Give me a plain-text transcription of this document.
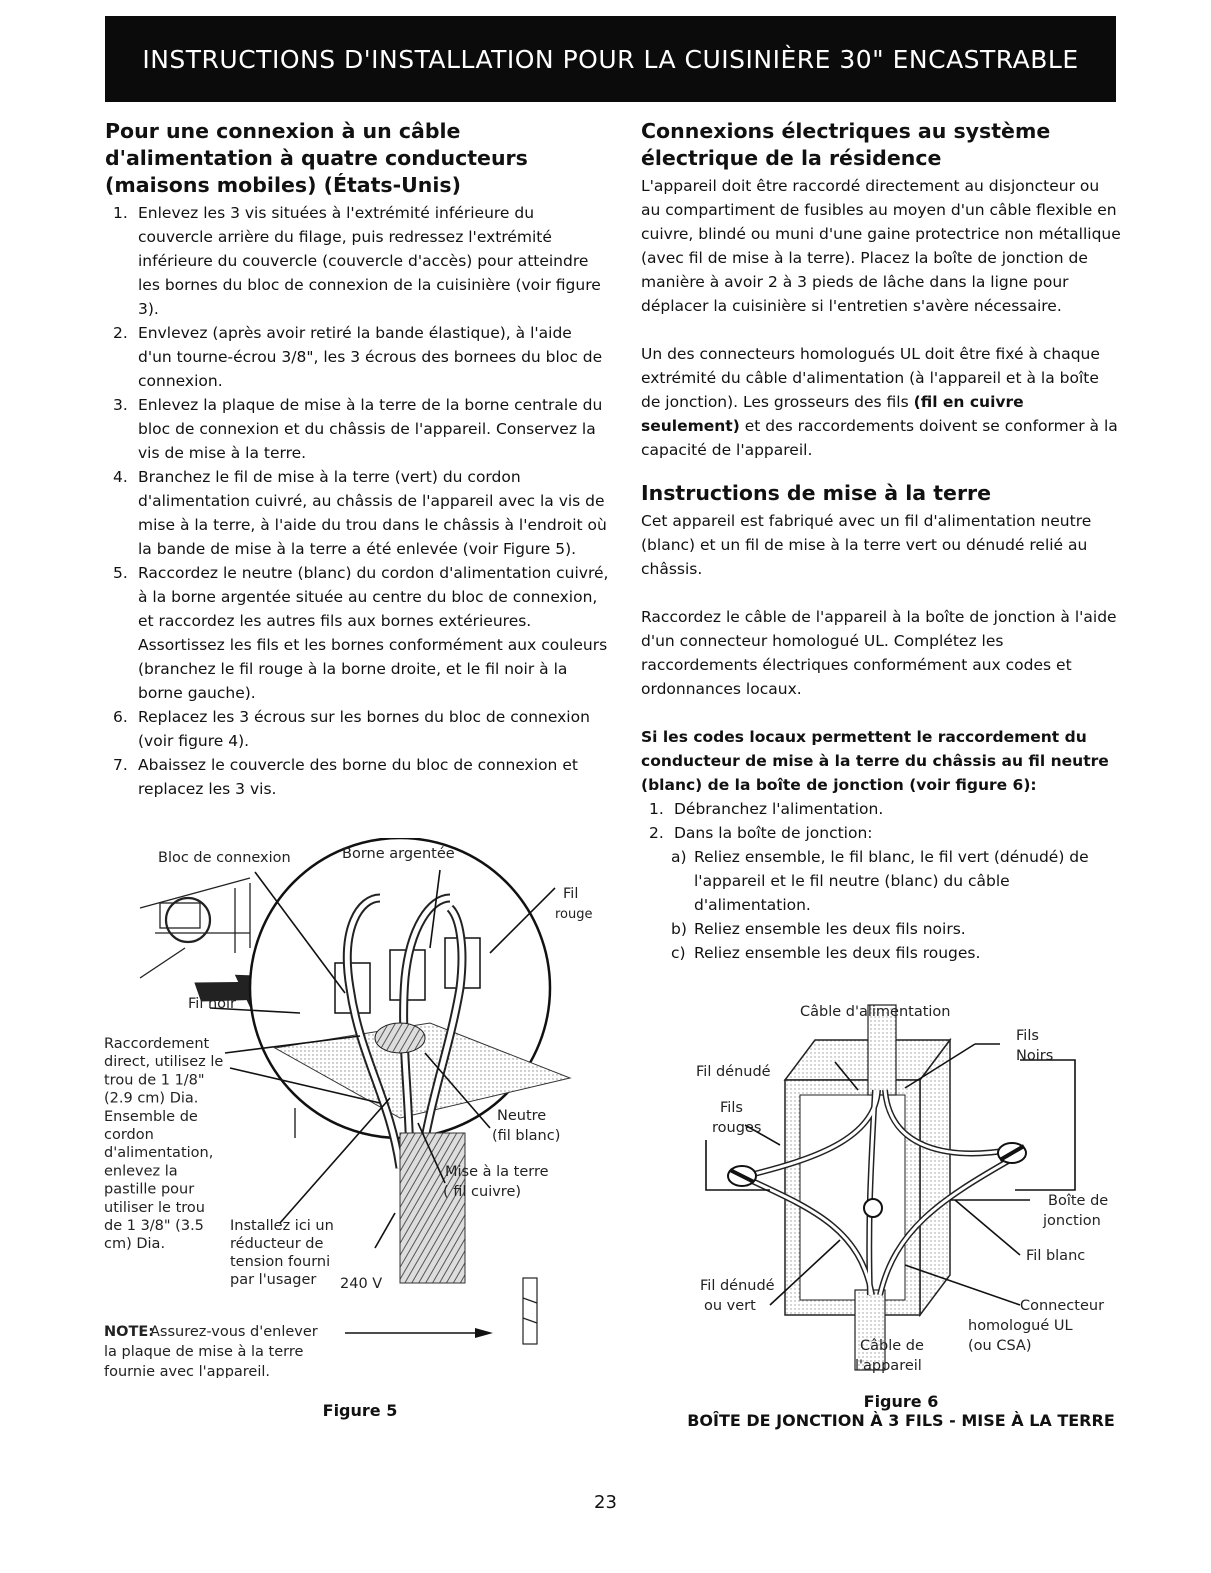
INSTRUCTIONS D'INSTALLATION POUR LA CUISINIÈRE 30" ENCASTRABLE
Pour une connexion à un câble d'alimentation à quatre conducteurs (maisons mobiles) (États-Unis)
1. Enlevez les 3 vis situées à l'extrémité inférieure du couvercle arrière du filage, puis redressez l'extrémité inférieure du couvercle (couvercle d'accès) pour atteindre les bornes du bloc de connexion de la cuisinière (voir figure 3).
2. Envlevez (après avoir retiré la bande élastique), à l'aide d'un tourne-écrou 3/8", les 3 écrous des bornees du bloc de connexion.
3. Enlevez la plaque de mise à la terre de la borne centrale du bloc de connexion et du châssis de l'appareil. Conservez la vis de mise à la terre.
4. Branchez le fil de mise à la terre (vert) du cordon d'alimentation cuivré, au châssis de l'appareil avec la vis de mise à la terre, à l'aide du trou dans le châssis à l'endroit où la bande de mise à la terre a été enlevée (voir Figure 5).
5. Raccordez le neutre (blanc) du cordon d'alimentation cuivré, à la borne argentée située au centre du bloc de connexion, et raccordez les autres fils aux bornes extérieures. Assortissez les fils et les bornes conformément aux couleurs (branchez le fil rouge à la borne droite, et le fil noir à la borne gauche).
6. Replacez les 3 écrous sur les bornes du bloc de connexion (voir figure 4).
7. Abaissez le couvercle des borne du bloc de connexion et replacez les 3 vis.
Bloc de connexion	Borne argentée
Fil
rouge
Fil noir
Raccordement
direct, utilisez le
trou de 1 1/8"
(2.9 cm) Dia.
Ensemble de
cordon
d'alimentation,
enlevez la
pastille pour
utiliser le trou
de 1 3/8" (3.5
cm) Dia.
Neutre
(fil blanc)
Mise à la terre
( fil cuivre)
Installez ici un
réducteur de
tension fourni
par l'usager 240 V
NOTE:
Assurez-vous d'enlever
la plaque de mise à la terre
fournie avec l'appareil.
Figure 5
Connexions électriques au système électrique de la résidence

L'appareil doit être raccordé directement au disjoncteur ou au compartiment de fusibles au moyen d'un câble flexible en cuivre, blindé ou muni d'une gaine protectrice non métallique (avec fil de mise à la terre). Placez la boîte de jonction de manière à avoir 2 à 3 pieds de lâche dans la ligne pour déplacer la cuisinière si l'entretien s'avère nécessaire.

Un des connecteurs homologués UL doit être fixé à chaque extrémité du câble d'alimentation (à l'appareil et à la boîte de jonction). Les grosseurs des fils (fil en cuivre seulement) et des raccordements doivent se conformer à la capacité de l'appareil.

Instructions de mise à la terre

Cet appareil est fabriqué avec un fil d'alimentation neutre (blanc) et un fil de mise à la terre vert ou dénudé relié au châssis.

Raccordez le câble de l'appareil à la boîte de jonction à l'aide d'un connecteur homologué UL. Complétez les raccordements électriques conformément aux codes et ordonnances locaux.

Si les codes locaux permettent le raccordement du conducteur de mise à la terre du châssis au fil neutre (blanc) de la boîte de jonction (voir figure 6):

1. Débranchez l'alimentation.
2. Dans la boîte de jonction:
a) Reliez ensemble, le fil blanc, le fil vert (dénudé) de l'appareil et le fil neutre (blanc) du câble d'alimentation.
b) Reliez ensemble les deux fils noirs.
c) Reliez ensemble les deux fils rouges.
Câble d'alimentation
Fil dénudé
Fils
Noirs
Fils
rouges
Boîte de
jonction
Fil blanc
Fil dénudé
ou vert	Connecteur
homologué UL
(ou CSA)
Câble de
l'appareil
Figure 6
BOÎTE DE JONCTION À 3 FILS - MISE À LA TERRE
23
